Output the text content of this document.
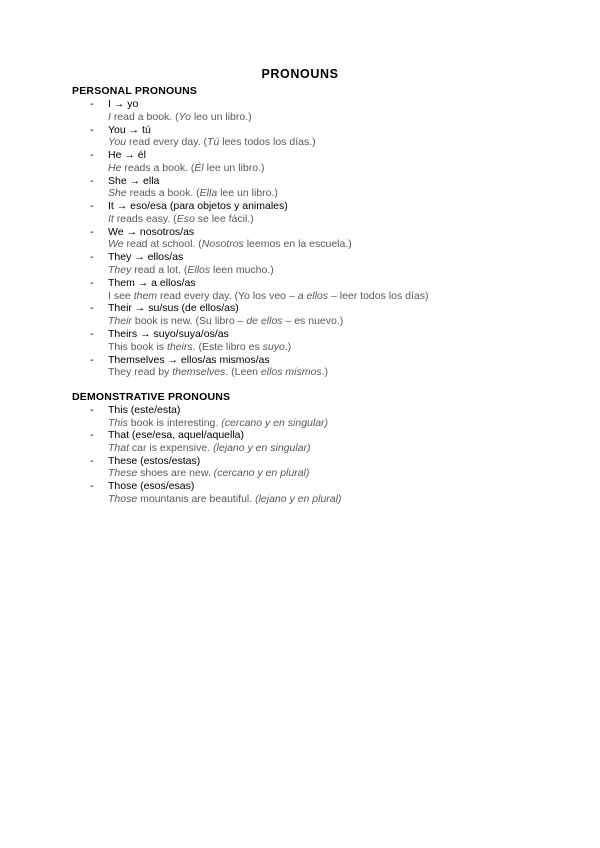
PRONOUNS
PERSONAL PRONOUNS
- I → yo
I read a book. (Yo leo un libro.)
- You → tú
You read every day. (Tú lees todos los días.)
- He → él
He reads a book. (Él lee un libro.)
- She → ella
She reads a book. (Ella lee un libro.)
- It → eso/esa (para objetos y animales)
It reads easy. (Eso se lee fácil.)
- We → nosotros/as
We read at school. (Nosotros leemos en la escuela.)
- They → ellos/as
They read a lot. (Ellos leen mucho.)
- Them → a ellos/as
I see them read every day. (Yo los veo – a ellos – leer todos los días)
- Their → su/sus (de ellos/as)
Their book is new. (Su libro – de ellos – es nuevo.)
- Theirs → suyo/suya/os/as
This book is theirs. (Este libro es suyo.)
- Themselves → ellos/as mismos/as
They read by themselves. (Leen ellos mismos.)
DEMONSTRATIVE PRONOUNS
- This (este/esta)
This book is interesting. (cercano y en singular)
- That (ese/esa, aquel/aquella)
That car is expensive. (lejano y en singular)
- These (estos/estas)
These shoes are new. (cercano y en plural)
- Those (esos/esas)
Those mountanis are beautiful. (lejano y en plural)
